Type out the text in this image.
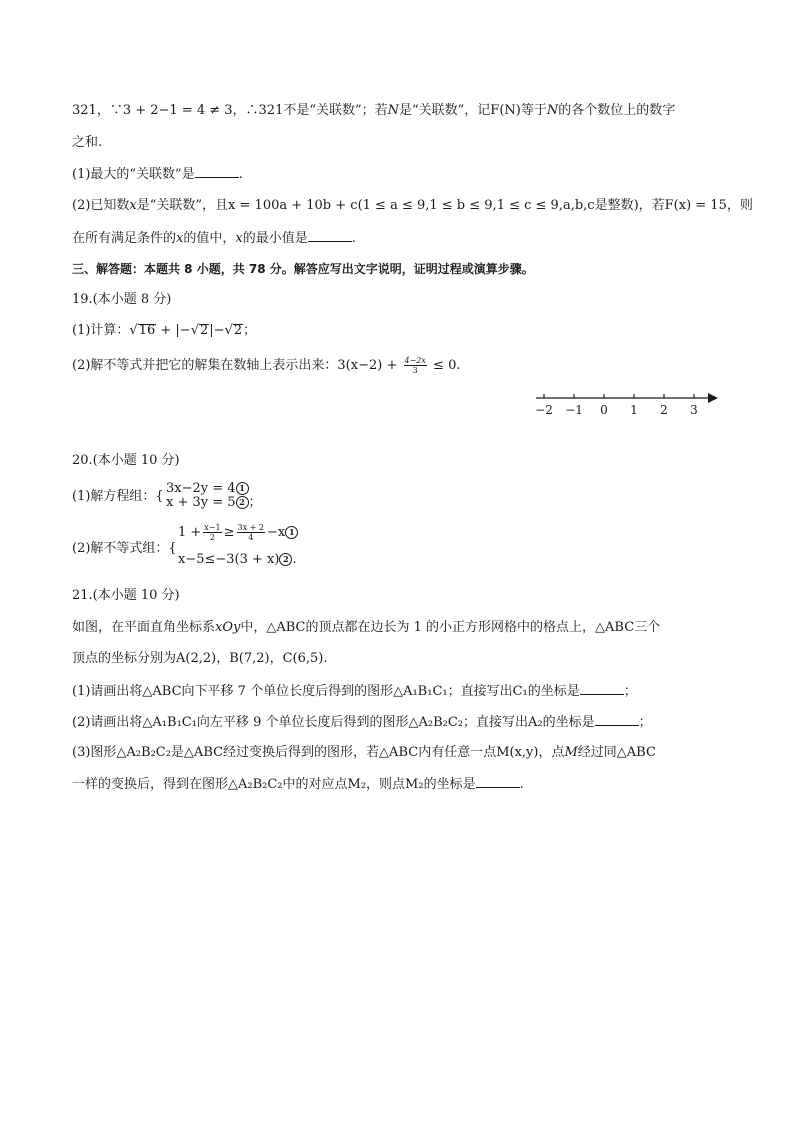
321，∵3 + 2−1 = 4 ≠ 3，∴321不是“关联数”；若N是“关联数”，记F(N)等于N的各个数位上的数字
之和.
(1)最大的“关联数”是	.
(2)已知数x是“关联数”，且x = 100a + 10b + c(1 ≤ a ≤ 9,1 ≤ b ≤ 9,1 ≤ c ≤ 9,a,b,c是整数)，若F(x) = 15，则
在所有满足条件的x的值中，x的最小值是	.
三、解答题：本题共 8 小题，共 78 分。解答应写出文字说明，证明过程或演算步骤。
19.(本小题 8 分)
(1)计算：√16 + |−√2|−√2；
(2)解不等式并把它的解集在数轴上表示出来：$3(x-2) + \frac{4-2x}{3} \le 0$.
−2 −1	0	1	2	3
20.(本小题 10 分)
(1)解方程组：{
3x−2y = 4 1
x + 3y = 5 2 ；
(2)解不等式组：{
$1 + \frac{x-1}{2} \ge \frac{3x + 2}{4} -x$ 1
x−5≤−3(3 + x) 2 .
21.(本小题 10 分)
如图，在平面直角坐标系xOy中，△ABC的顶点都在边长为 1 的小正方形网格中的格点上，△ABC三个
顶点的坐标分别为A(2,2)，B(7,2)，C(6,5).
(1)请画出将△ABC向下平移 7 个单位长度后得到的图形△A₁B₁C₁；直接写出C₁的坐标是	；
(2)请画出将△A₁B₁C₁向左平移 9 个单位长度后得到的图形△A₂B₂C₂；直接写出A₂的坐标是	；
(3)图形△A₂B₂C₂是△ABC经过变换后得到的图形，若△ABC内有任意一点M(x,y)，点M经过同△ABC
一样的变换后，得到在图形△A₂B₂C₂中的对应点M₂，则点M₂的坐标是	.
